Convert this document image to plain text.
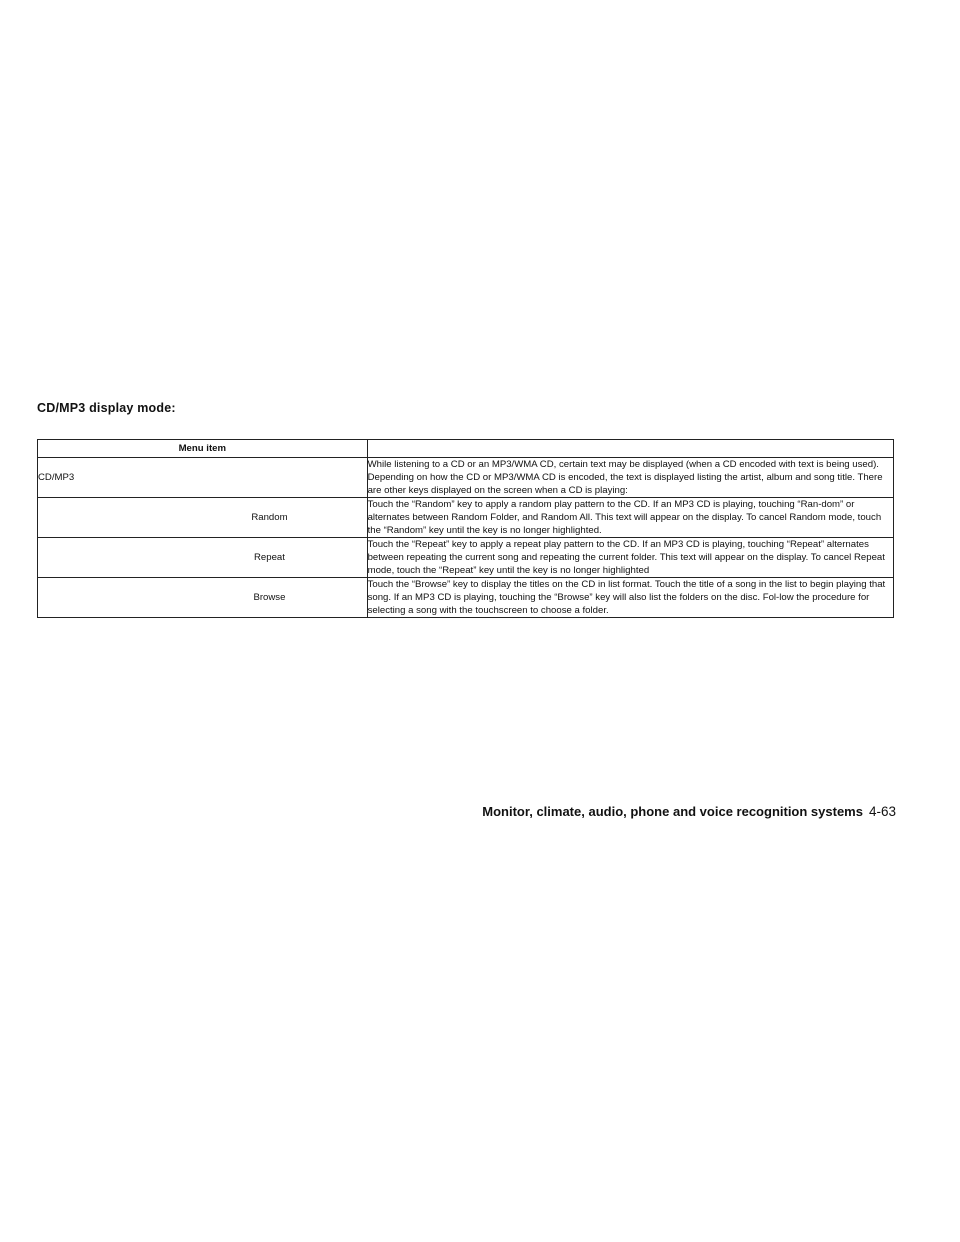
CD/MP3 display mode:
Menu item		
CD/MP3		While listening to a CD or an MP3/WMA CD, certain text may be displayed (when a CD encoded with text is being used). Depending on how the CD or MP3/WMA CD is encoded, the text is displayed listing the artist, album and song title. There are other keys displayed on the screen when a CD is playing:
	Random	Touch the “Random” key to apply a random play pattern to the CD. If an MP3 CD is playing, touching “Ran-dom” or alternates between Random Folder, and Random All. This text will appear on the display. To cancel Random mode, touch the “Random” key until the key is no longer highlighted.
	Repeat	Touch the “Repeat” key to apply a repeat play pattern to the CD. If an MP3 CD is playing, touching “Repeat” alternates between repeating the current song and repeating the current folder. This text will appear on the display. To cancel Repeat mode, touch the “Repeat” key until the key is no longer highlighted
	Browse	Touch the “Browse” key to display the titles on the CD in list format. Touch the title of a song in the list to begin playing that song. If an MP3 CD is playing, touching the “Browse” key will also list the folders on the disc. Fol-low the procedure for selecting a song with the touchscreen to choose a folder.
Monitor, climate, audio, phone and voice recognition systems 4-63
